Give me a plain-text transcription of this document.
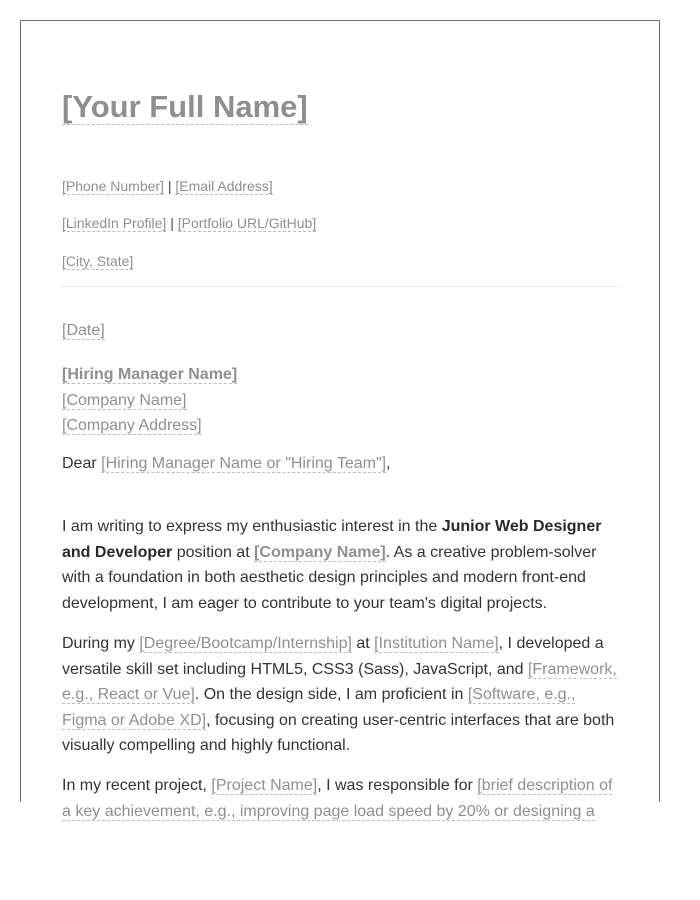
[Your Full Name]
[Phone Number] | [Email Address]
[LinkedIn Profile] | [Portfolio URL/GitHub]
[City, State]
[Date]
[Hiring Manager Name]
[Company Name]
[Company Address]
Dear [Hiring Manager Name or "Hiring Team"],

I am writing to express my enthusiastic interest in the Junior Web Designer and Developer position at [Company Name]. As a creative problem-solver with a foundation in both aesthetic design principles and modern front-end development, I am eager to contribute to your team's digital projects.

During my [Degree/Bootcamp/Internship] at [Institution Name], I developed a versatile skill set including HTML5, CSS3 (Sass), JavaScript, and [Framework, e.g., React or Vue]. On the design side, I am proficient in [Software, e.g., Figma or Adobe XD], focusing on creating user-centric interfaces that are both visually compelling and highly functional.

In my recent project, [Project Name], I was responsible for [brief description of a key achievement, e.g., improving page load speed by 20% or designing a
